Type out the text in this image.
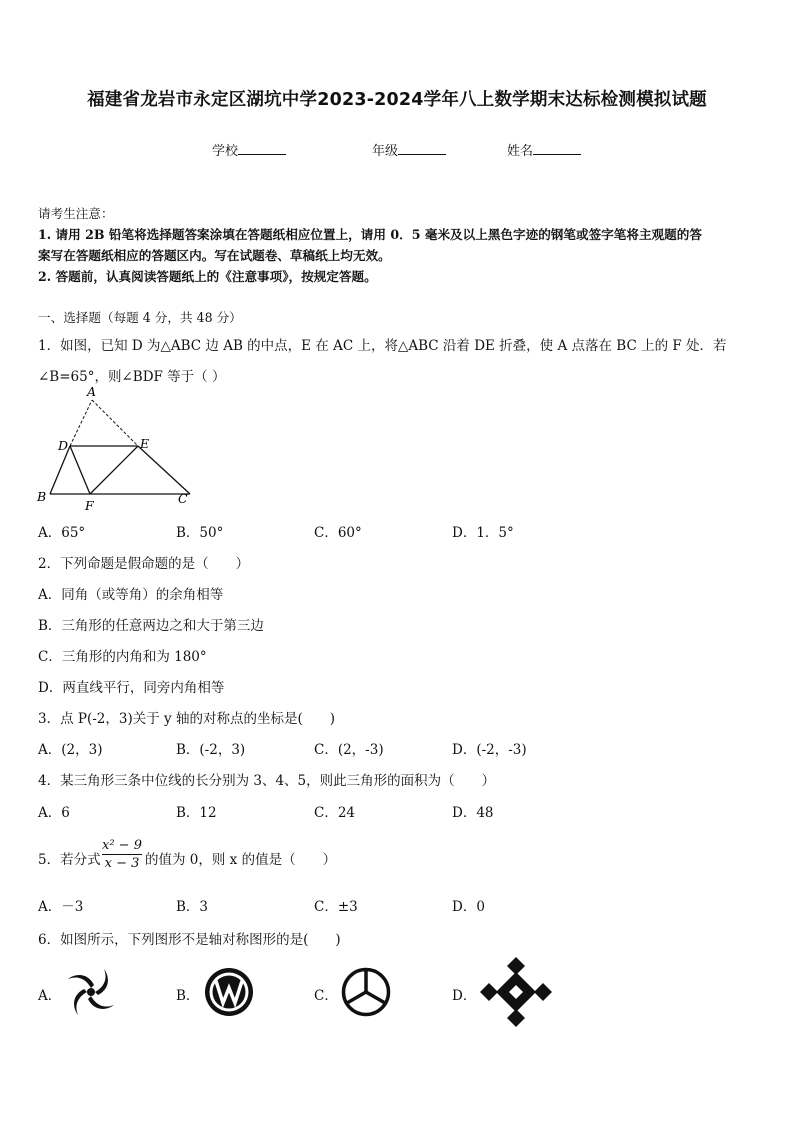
福建省龙岩市永定区湖坑中学2023-2024学年八上数学期末达标检测模拟试题
学校	年级	姓名
请考生注意：
1. 请用 2B 铅笔将选择题答案涂填在答题纸相应位置上，请用 0．5 毫米及以上黑色字迹的钢笔或签字笔将主观题的答
案写在答题纸相应的答题区内。写在试题卷、草稿纸上均无效。
2. 答题前，认真阅读答题纸上的《注意事项》，按规定答题。
一、选择题（每题 4 分，共 48 分）
1．如图，已知 D 为△ABC 边 AB 的中点，E 在 AC 上，将△ABC 沿着 DE 折叠，使 A 点落在 BC 上的 F 处．若
∠B=65°，则∠BDF 等于（ ）
A
B	C
D	E
F
A．65°	B．50°	C．60°	D．1．5°
2．下列命题是假命题的是（　　）
A．同角（或等角）的余角相等
B．三角形的任意两边之和大于第三边
C．三角形的内角和为 180°
D．两直线平行，同旁内角相等
3．点 P(-2，3)关于 y 轴的对称点的坐标是(　　)
A．(2，3)	B．(-2，3)	C．(2，-3)	D．(-2，-3)
4．某三角形三条中位线的长分别为 3、4、5，则此三角形的面积为（　　）
A．6	B．12	C．24	D．48
5．若分式 $\frac{\text{x² − 9}}{x - 3}$ 的值为 0，则 x 的值是（　　）
A．－3	B．3	C．±3	D．0
6．如图所示，下列图形不是轴对称图形的是(　　)
A．	B．	C．	D．
